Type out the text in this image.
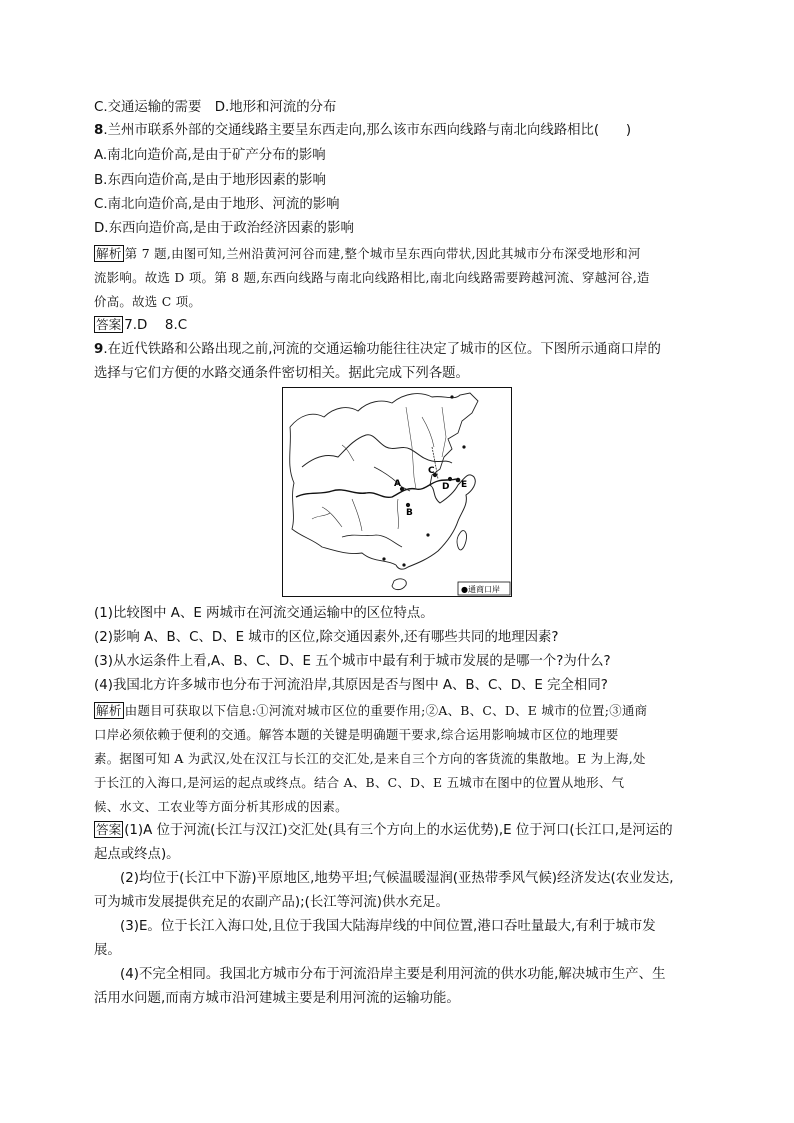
C.交通运输的需要　D.地形和河流的分布
8.兰州市联系外部的交通线路主要呈东西走向,那么该市东西向线路与南北向线路相比(　　)
A.南北向造价高,是由于矿产分布的影响
B.东西向造价高,是由于地形因素的影响
C.南北向造价高,是由于地形、河流的影响
D.东西向造价高,是由于政治经济因素的影响
解析 第 7 题,由图可知,兰州沿黄河河谷而建,整个城市呈东西向带状,因此其城市分布深受地形和河
流影响。故选 D 项。第 8 题,东西向线路与南北向线路相比,南北向线路需要跨越河流、穿越河谷,造
价高。故选 C 项。
答案 7.D　 8.C
9.在近代铁路和公路出现之前,河流的交通运输功能往往决定了城市的区位。下图所示通商口岸的
选择与它们方便的水路交通条件密切相关。据此完成下列各题。
A
B
C
D E
●通商口岸
(1)比较图中 A、E 两城市在河流交通运输中的区位特点。
(2)影响 A、B、C、D、E 城市的区位,除交通因素外,还有哪些共同的地理因素?
(3)从水运条件上看,A、B、C、D、E 五个城市中最有利于城市发展的是哪一个?为什么?
(4)我国北方许多城市也分布于河流沿岸,其原因是否与图中 A、B、C、D、E 完全相同?
解析 由题目可获取以下信息:①河流对城市区位的重要作用;②A、B、C、D、E 城市的位置;③通商
口岸必须依赖于便利的交通。解答本题的关键是明确题干要求,综合运用影响城市区位的地理要
素。据图可知 A 为武汉,处在汉江与长江的交汇处,是来自三个方向的客货流的集散地。E 为上海,处
于长江的入海口,是河运的起点或终点。结合 A、B、C、D、E 五城市在图中的位置从地形、气
候、水文、工农业等方面分析其形成的因素。
答案 (1)A 位于河流(长江与汉江)交汇处(具有三个方向上的水运优势),E 位于河口(长江口,是河运的
起点或终点)。
(2)均位于(长江中下游)平原地区,地势平坦;气候温暖湿润(亚热带季风气候)经济发达(农业发达,
可为城市发展提供充足的农副产品);(长江等河流)供水充足。
(3)E。位于长江入海口处,且位于我国大陆海岸线的中间位置,港口吞吐量最大,有利于城市发
展。
(4)不完全相同。我国北方城市分布于河流沿岸主要是利用河流的供水功能,解决城市生产、生
活用水问题,而南方城市沿河建城主要是利用河流的运输功能。
